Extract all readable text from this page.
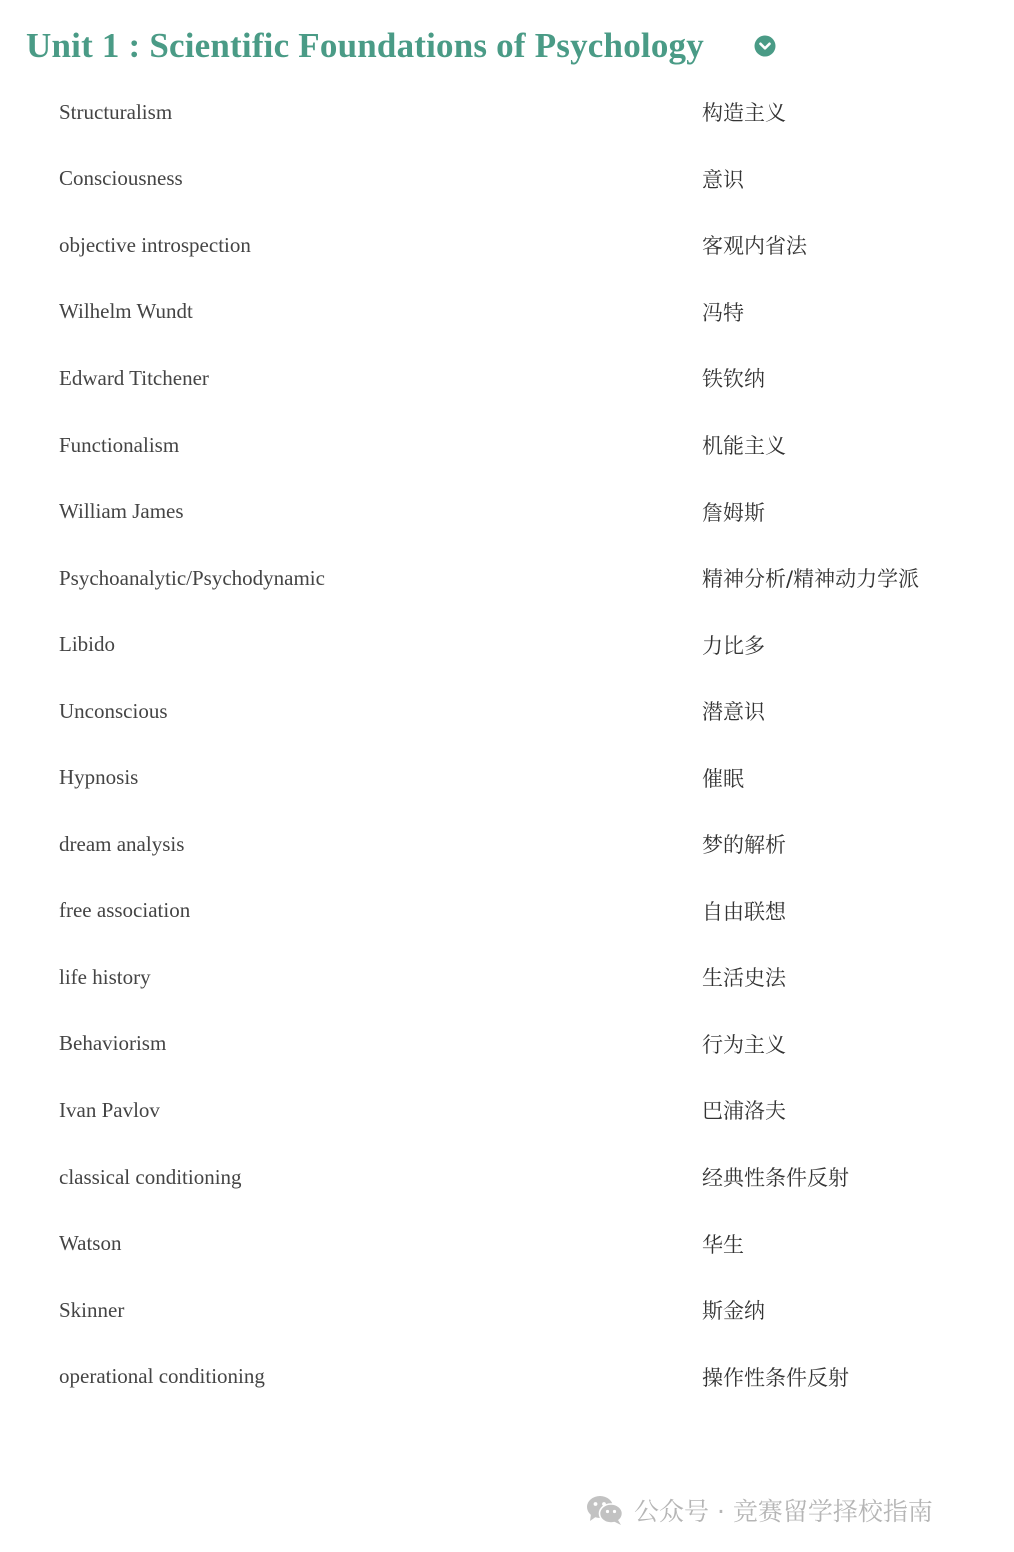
Unit 1 : Scientific Foundations of Psychology
Structuralism	构造主义
Consciousness	意识
objective introspection	客观内省法
Wilhelm Wundt	冯特
Edward Titchener	铁钦纳
Functionalism	机能主义
William James	詹姆斯
Psychoanalytic/Psychodynamic	精神分析/精神动力学派
Libido	力比多
Unconscious	潜意识
Hypnosis	催眠
dream analysis	梦的解析
free association	自由联想
life history	生活史法
Behaviorism	行为主义
Ivan Pavlov	巴浦洛夫
classical conditioning	经典性条件反射
Watson	华生
Skinner	斯金纳
operational conditioning	操作性条件反射
公众号 · 竞赛留学择校指南
